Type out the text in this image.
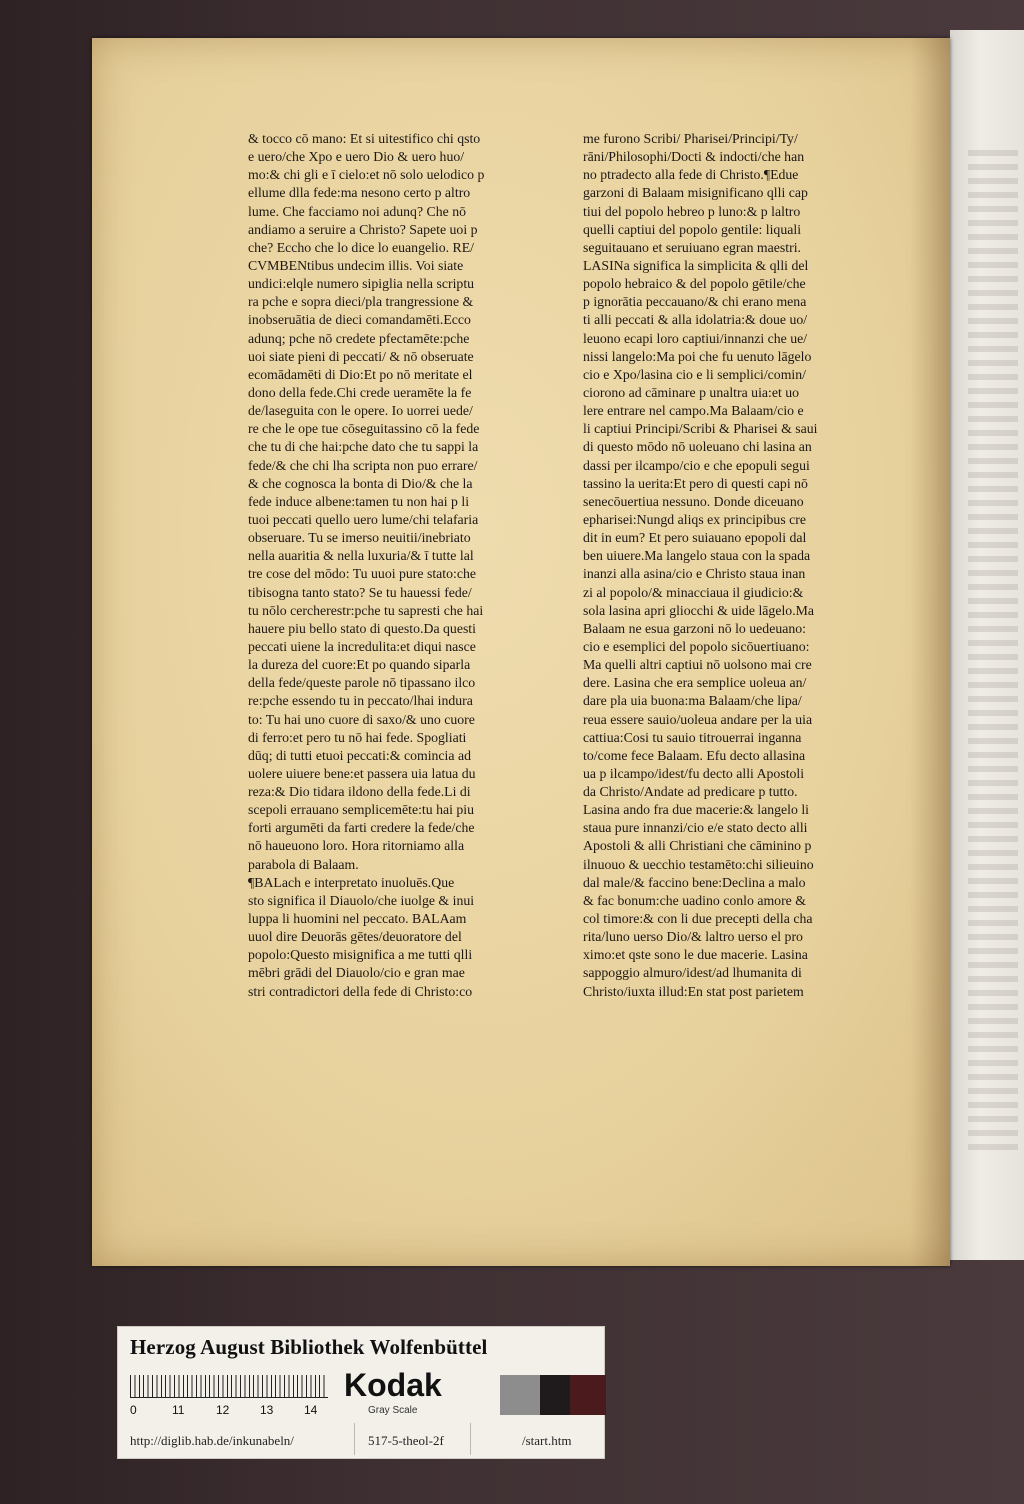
& tocco cō mano: Et si uitestifico chi qsto
e uero/che Xpo e uero Dio & uero huo/
mo:& chi gli e ī cielo:et nō solo uelodico p
ellume dlla fede:ma nesono certo p altro
lume. Che facciamo noi adunq? Che nō
andiamo a seruire a Christo? Sapete uoi p
che? Eccho che lo dice lo euangelio. RE/
CVMBENtibus undecim illis. Voi siate
undici:elqle numero sipiglia nella scriptu
ra pche e sopra dieci/pla trangressione &
inobseruātia de dieci comandamēti.Ecco
adunq; pche nō credete pfectamēte:pche
uoi siate pieni di peccati/ & nō obseruate
ecomādamēti di Dio:Et po nō meritate el
dono della fede.Chi crede ueramēte la fe
de/laseguita con le opere. Io uorrei uede/
re che le ope tue cōseguitassino cō la fede
che tu di che hai:pche dato che tu sappi la
fede/& che chi lha scripta non puo errare/
& che cognosca la bonta di Dio/& che la
fede induce albene:tamen tu non hai p li
tuoi peccati quello uero lume/chi telafaria
obseruare. Tu se imerso neuitii/inebriato
nella auaritia & nella luxuria/& ī tutte lal
tre cose del mōdo: Tu uuoi pure stato:che
tibisogna tanto stato? Se tu hauessi fede/
tu nōlo cercherestr:pche tu sapresti che hai
hauere piu bello stato di questo.Da questi
peccati uiene la incredulita:et diqui nasce
la dureza del cuore:Et po quando siparla
della fede/queste parole nō tipassano ilco
re:pche essendo tu in peccato/lhai indura
to: Tu hai uno cuore di saxo/& uno cuore
di ferro:et pero tu nō hai fede. Spogliati
dūq; di tutti etuoi peccati:& comincia ad
uolere uiuere bene:et passera uia latua du
reza:& Dio tidara ildono della fede.Li di
scepoli errauano semplicemēte:tu hai piu
forti argumēti da farti credere la fede/che
nō haueuono loro. Hora ritorniamo alla
parabola di Balaam.
¶BALach e interpretato inuoluēs.Que
sto significa il Diauolo/che iuolge & inui
luppa li huomini nel peccato. BALAam
uuol dire Deuorās gētes/deuoratore del
popolo:Questo misignifica a me tutti qlli
mēbri grādi del Diauolo/cio e gran mae
stri contradictori della fede di Christo:co
me furono Scribi/ Pharisei/Principi/Ty/
rāni/Philosophi/Docti & indocti/che han
no ptradecto alla fede di Christo.¶Edue
garzoni di Balaam misignificano qlli cap
tiui del popolo hebreo p luno:& p laltro
quelli captiui del popolo gentile: liquali
seguitauano et seruiuano egran maestri.
LASINa significa la simplicita & qlli del
popolo hebraico & del popolo gētile/che
p ignorātia peccauano/& chi erano mena
ti alli peccati & alla idolatria:& doue uo/
leuono ecapi loro captiui/innanzi che ue/
nissi langelo:Ma poi che fu uenuto lāgelo
cio e Xpo/lasina cio e li semplici/comin/
ciorono ad cāminare p unaltra uia:et uo
lere entrare nel campo.Ma Balaam/cio e
li captiui Principi/Scribi & Pharisei & saui
di questo mōdo nō uoleuano chi lasina an
dassi per ilcampo/cio e che epopuli segui
tassino la uerita:Et pero di questi capi nō
senecōuertiua nessuno. Donde diceuano
epharisei:Nungd aliqs ex principibus cre
dit in eum? Et pero suiauano epopoli dal
ben uiuere.Ma langelo staua con la spada
inanzi alla asina/cio e Christo staua inan
zi al popolo/& minacciaua il giudicio:&
sola lasina apri gliocchi & uide lāgelo.Ma
Balaam ne esua garzoni nō lo uedeuano:
cio e esemplici del popolo sicōuertiuano:
Ma quelli altri captiui nō uolsono mai cre
dere. Lasina che era semplice uoleua an/
dare pla uia buona:ma Balaam/che lipa/
reua essere sauio/uoleua andare per la uia
cattiua:Cosi tu sauio titrouerrai inganna
to/come fece Balaam. Efu decto allasina
ua p ilcampo/idest/fu decto alli Apostoli
da Christo/Andate ad predicare p tutto.
Lasina ando fra due macerie:& langelo li
staua pure innanzi/cio e/e stato decto alli
Apostoli & alli Christiani che cāminino p
ilnuouo & uecchio testamēto:chi silieuino
dal male/& faccino bene:Declina a malo
& fac bonum:che uadino conlo amore &
col timore:& con li due precepti della cha
rita/luno uerso Dio/& laltro uerso el pro
ximo:et qste sono le due macerie. Lasina
sappoggio almuro/idest/ad lhumanita di
Christo/iuxta illud:En stat post parietem
Herzog August Bibliothek Wolfenbüttel
0	11	12	13	14
Kodak
Gray Scale
http://diglib.hab.de/inkunabeln/	517-5-theol-2f	/start.htm
